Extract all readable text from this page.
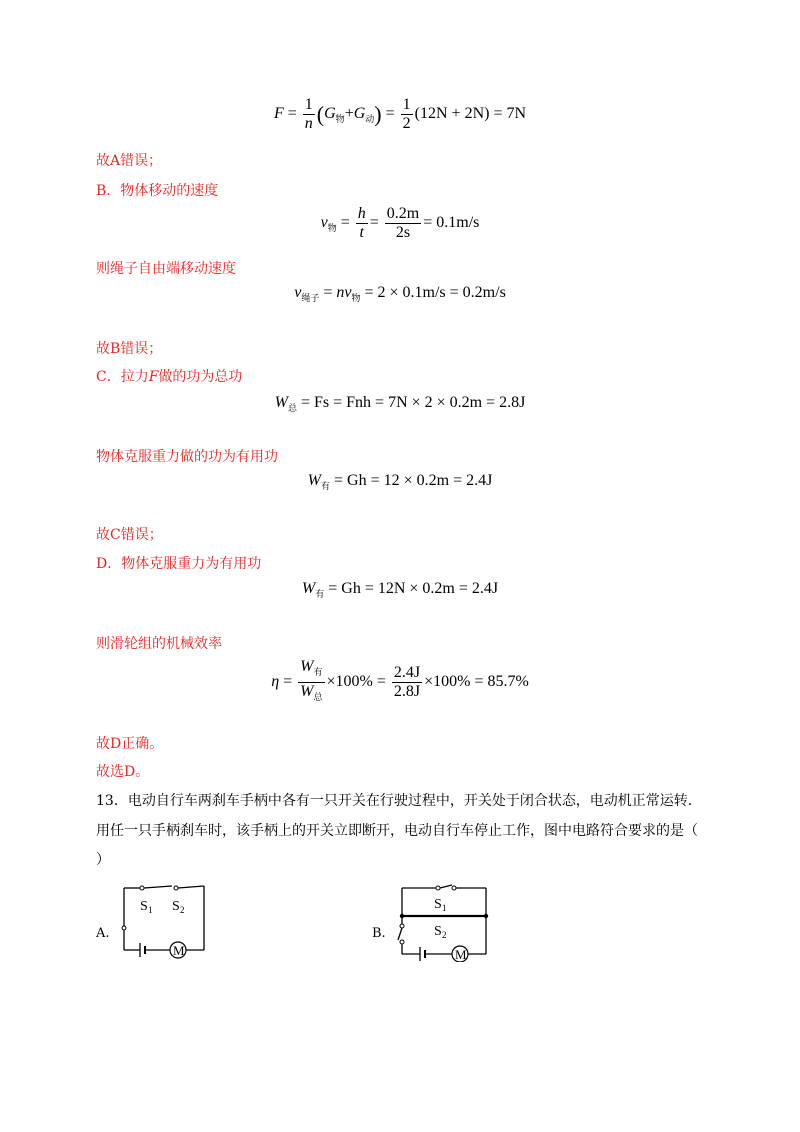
$F = \frac{1}{n} (G_物+G_动) = \frac{1}{2} (12N + 2N) = 7N$
故A错误；
B．物体移动的速度
$v_物 = \frac{h}{t} = \frac{0.2m}{2s} = 0.1m/s$
则绳子自由端移动速度
$v_{绳子} = nv_物 = 2 \times 0.1m/s = 0.2m/s$
故B错误；
C．拉力F做的功为总功
$W_总 = Fs$ = Fnh = 7N × 2 × 0.2m = 2.8J
物体克服重力做的功为有用功
$W_有 = Gh = 12 \times 0.2m = 2.4J$
故C错误；
D．物体克服重力为有用功
$W_有 = Gh = 12N \times 0.2m = 2.4J$
则滑轮组的机械效率
$\eta = \frac{W_有}{W_总} \times 100\% = \frac{2.4J}{2.8J} \times 100\% = 85.7\%$
故D正确。
故选D。
13．电动自行车两刹车手柄中各有一只开关在行驶过程中，开关处于闭合状态，电动机正常运转．
用任一只手柄刹车时，该手柄上的开关立即断开，电动自行车停止工作，图中电路符合要求的是（
）
A.
M
S 1 S 2
B.
S 1
S 2
M
